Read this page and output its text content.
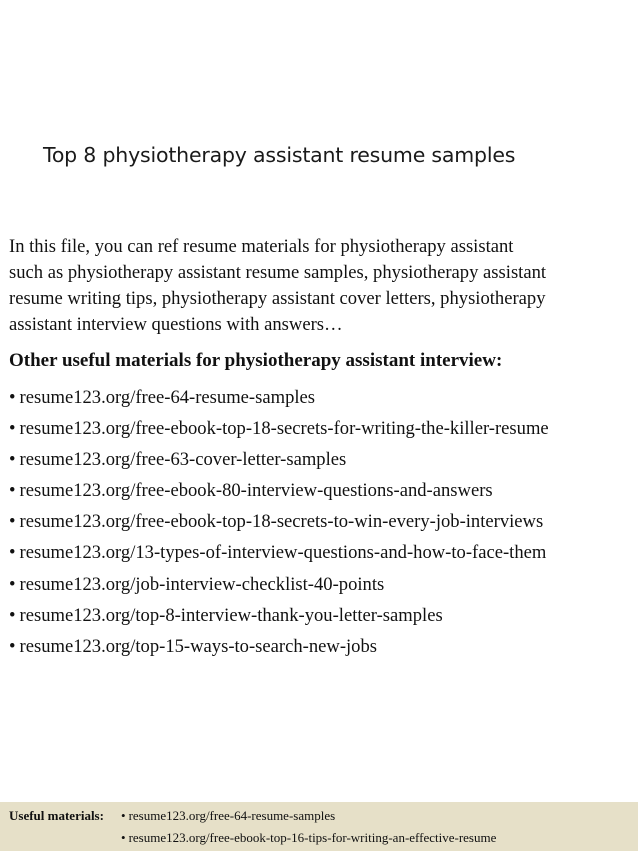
Top 8 physiotherapy assistant resume samples

In this file, you can ref resume materials for physiotherapy assistant
such as physiotherapy assistant resume samples, physiotherapy assistant
resume writing tips, physiotherapy assistant cover letters, physiotherapy
assistant interview questions with answers…

Other useful materials for physiotherapy assistant interview:
• resume123.org/free-64-resume-samples
• resume123.org/free-ebook-top-18-secrets-for-writing-the-killer-resume
• resume123.org/free-63-cover-letter-samples
• resume123.org/free-ebook-80-interview-questions-and-answers
• resume123.org/free-ebook-top-18-secrets-to-win-every-job-interviews
• resume123.org/13-types-of-interview-questions-and-how-to-face-them
• resume123.org/job-interview-checklist-40-points
• resume123.org/top-8-interview-thank-you-letter-samples
• resume123.org/top-15-ways-to-search-new-jobs
Useful materials: • resume123.org/free-64-resume-samples
• resume123.org/free-ebook-top-16-tips-for-writing-an-effective-resume
